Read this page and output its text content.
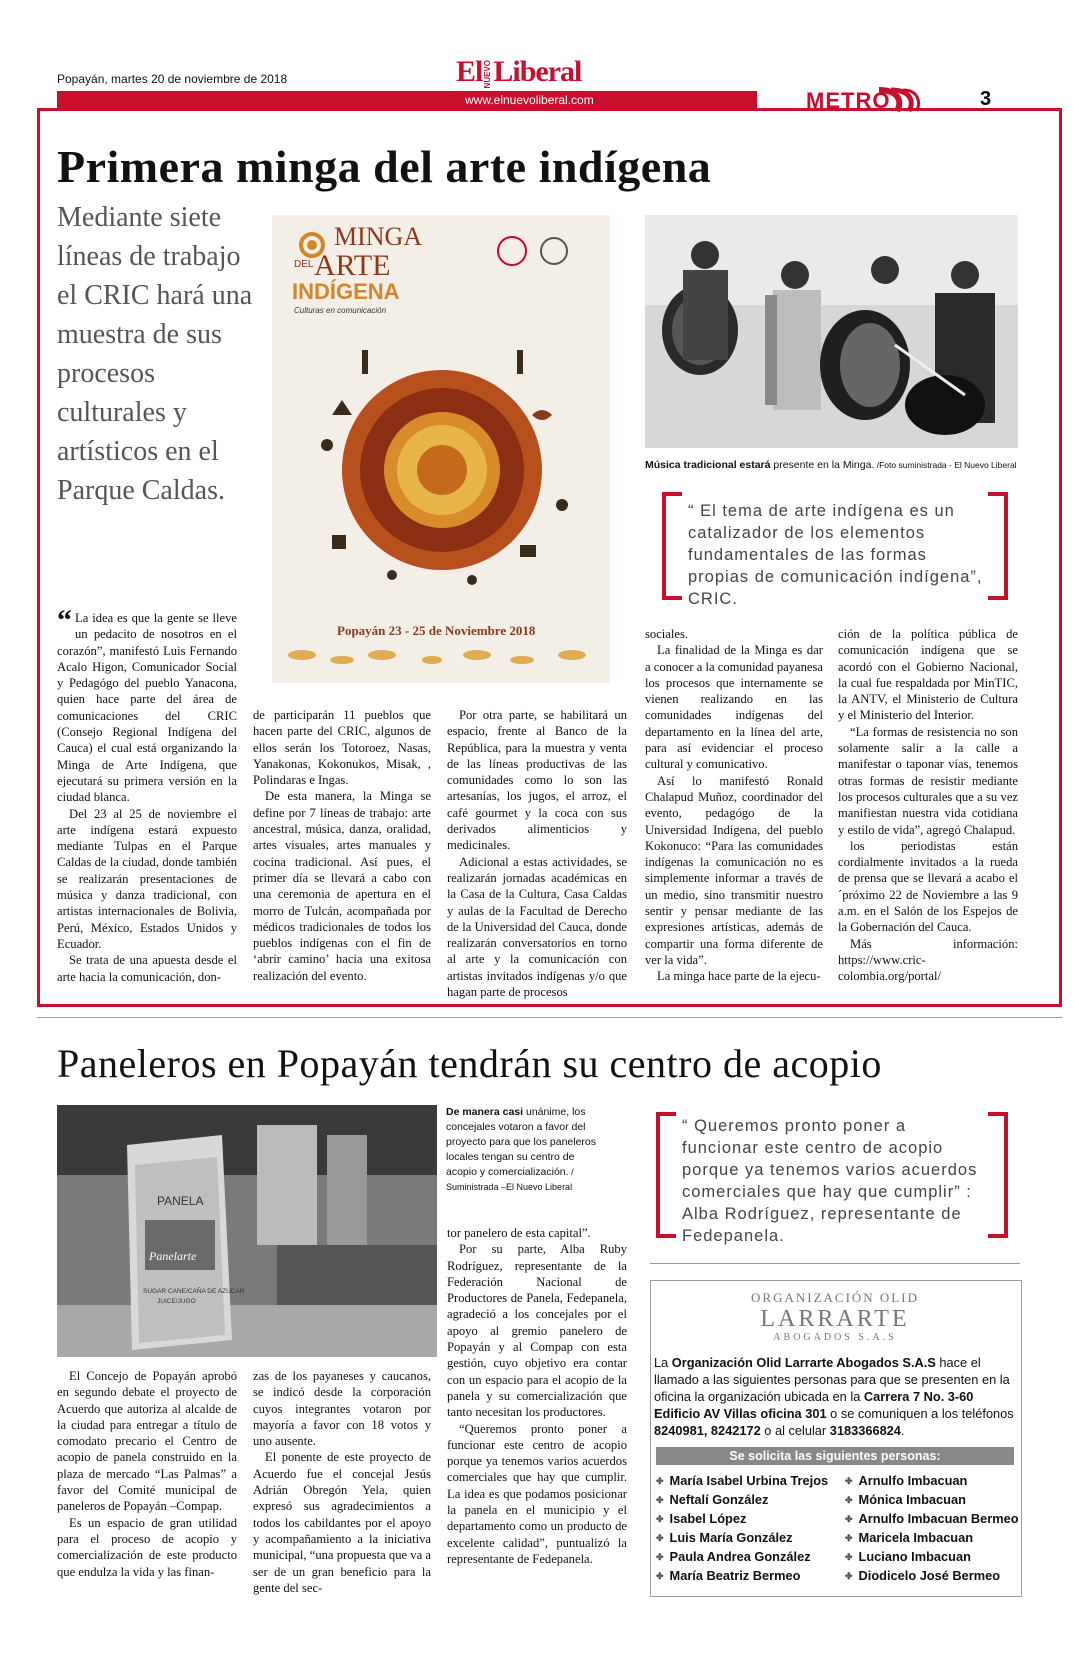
Popayán, martes 20 de noviembre de 2018	ElNUEVOLiberal
www.elnuevoliberal.com	METRO	3
Primera minga del arte indígena
Mediante siete líneas de trabajo el CRIC hará una muestra de sus procesos culturales y artísticos en el Parque Caldas.
MINGA
DEL ARTE
INDÍGENA
Culturas en comunicación
Popayán 23 - 25 de Noviembre 2018
Música tradicional estará presente en la Minga. /Foto suministrada - El Nuevo Liberal
“ El tema de arte indígena es un catalizador de los elementos fundamentales de las formas propias de comunicación indígena”, CRIC.

“ La idea es que la gente se lleve un pedacito de nosotros en el corazón”, manifestó Luis Fernando Acalo Higon, Comunicador Social y Pedagógo del pueblo Yanacona, quien hace parte del área de comunicaciones del CRIC (Consejo Regional Indígena del Cauca) el cual está organizando la Minga de Arte Indígena, que ejecutará su primera versión en la ciudad blanca.

Del 23 al 25 de noviembre el arte indígena estará expuesto mediante Tulpas en el Parque Caldas de la ciudad, donde también se realizarán presentaciones de música y danza tradicional, con artistas internacionales de Bolivia, Perú, México, Estados Unidos y Ecuador.

Se trata de una apuesta desde el arte hacia la comunicación, don-

de participarán 11 pueblos que hacen parte del CRIC, algunos de ellos serán los Totoroez, Nasas, Yanakonas, Kokonukos, Misak, , Polindaras e Ingas.

De esta manera, la Minga se define por 7 líneas de trabajo: arte ancestral, música, danza, oralidad, artes visuales, artes manuales y cocina tradicional. Así pues, el primer día se llevará a cabo con una ceremonia de apertura en el morro de Tulcán, acompañada por médicos tradicionales de todos los pueblos indígenas con el fin de ‘abrir camino’ hacia una exitosa realización del evento.

Por otra parte, se habilitará un espacio, frente al Banco de la República, para la muestra y venta de las líneas productivas de las comunidades como lo son las artesanías, los jugos, el arroz, el café gourmet y la coca con sus derivados alimenticios y medicinales.

Adicional a estas actividades, se realizarán jornadas académicas en la Casa de la Cultura, Casa Caldas y aulas de la Facultad de Derecho de la Universidad del Cauca, donde realizarán conversatorios en torno al arte y la comunicación con artistas invitados indígenas y/o que hagan parte de procesos

sociales.

La finalidad de la Minga es dar a conocer a la comunidad payanesa los procesos que internamente se vienen realizando en las comunidades indígenas del departamento en la línea del arte, para así evidenciar el proceso cultural y comunicativo.

Así lo manifestó Ronald Chalapud Muñoz, coordinador del evento, pedagógo de la Universidad Indígena, del pueblo Kokonuco: “Para las comunidades indígenas la comunicación no es simplemente informar a través de un medio, sino transmitir nuestro sentir y pensar mediante de las expresiones artísticas, además de compartir una forma diferente de ver la vida”.

La minga hace parte de la ejecu-

ción de la política pública de comunicación indígena que se acordó con el Gobierno Nacional, la cual fue respaldada por MinTIC, la ANTV, el Ministerio de Cultura y el Ministerio del Interior.

“La formas de resistencia no son solamente salir a la calle a manifestar o taponar vías, tenemos otras formas de resistir mediante los procesos culturales que a su vez manifiestan nuestra vida cotidiana y estilo de vida”, agregó Chalapud.

los periodistas están cordialmente invitados a la rueda de prensa que se llevará a acabo el ´próximo 22 de Noviembre a las 9 a.m. en el Salón de los Espejos de la Gobernación del Cauca.

Más información: https://www.cric-colombia.org/portal/

Paneleros en Popayán tendrán su centro de acopio
PANELA
Panelarte
SUGAR CANE/CAÑA DE AZUCAR
JUICE/JUGO
De manera casi unánime, los concejales votaron a favor del proyecto para que los paneleros locales tengan su centro de acopio y comercialización. / Suministrada –El Nuevo Liberal

El Concejo de Popayán aprobó en segundo debate el proyecto de Acuerdo que autoriza al alcalde de la ciudad para entregar a título de comodato precario el Centro de acopio de panela construido en la plaza de mercado “Las Palmas” a favor del Comité municipal de paneleros de Popayán –Compap.

Es un espacio de gran utilidad para el proceso de acopio y comercialización de este producto que endulza la vida y las finan-

zas de los payaneses y caucanos, se indicó desde la corporación cuyos integrantes votaron por mayoría a favor con 18 votos y uno ausente.

El ponente de este proyecto de Acuerdo fue el concejal Jesús Adrián Obregón Yela, quien expresó sus agradecimientos a todos los cabildantes por el apoyo y acompañamiento a la iniciativa municipal, “una propuesta que va a ser de un gran beneficio para la gente del sec-

tor panelero de esta capital”.

Por su parte, Alba Ruby Rodríguez, representante de la Federación Nacional de Productores de Panela, Fedepanela, agradeció a los concejales por el apoyo al gremio panelero de Popayán y al Compap con esta gestión, cuyo objetivo era contar con un espacio para el acopio de la panela y su comercialización que tanto necesitan los productores.

“Queremos pronto poner a funcionar este centro de acopio porque ya tenemos varios acuerdos comerciales que hay que cumplir. La idea es que podamos posicionar la panela en el municipio y el departamento como un producto de excelente calidad”, puntualizó la representante de Fedepanela.

“ Queremos pronto poner a funcionar este centro de acopio porque ya tenemos varios acuerdos comerciales que hay que cumplir” : Alba Rodríguez, representante de Fedepanela.
ORGANIZACIÓN OLID
LARRARTE
ABOGADOS S.A.S
La Organización Olid Larrarte Abogados S.A.S hace el llamado a las siguientes personas para que se presenten en la oficina la organización ubicada en la Carrera 7 No. 3-60 Edificio AV Villas oficina 301 o se comuniquen a los teléfonos 8240981, 8242172 o al celular 3183366824.
Se solicita las siguientes personas:
✤ María Isabel Urbina Trejos
✤ Neftalí González
✤ Isabel López
✤ Luis María González
✤ Paula Andrea González
✤ María Beatriz Bermeo
✤ Arnulfo Imbacuan
✤ Mónica Imbacuan
✤ Arnulfo Imbacuan Bermeo
✤ Maricela Imbacuan
✤ Luciano Imbacuan
✤ Diodicelo José Bermeo
